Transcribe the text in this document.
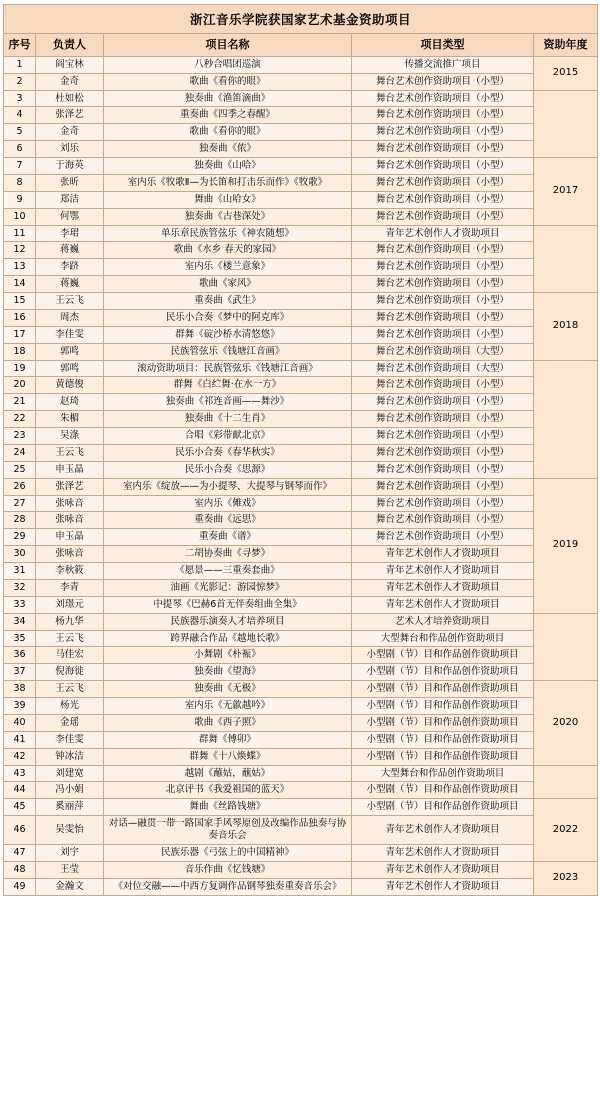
浙江音乐学院获国家艺术基金资助项目
序号	负责人	项目名称	项目类型	资助年度
1	阎宝林	八秒合唱团巡演	传播交流推广项目	2015
2	金奇	歌曲《看你的眼》	舞台艺术创作资助项目（小型）	
3	杜如松	独奏曲《渔笛滴曲》	舞台艺术创作资助项目（小型）	
4	张泽艺	重奏曲《四季之春醒》	舞台艺术创作资助项目（小型）	
5	金奇	歌曲《看你的眼》	舞台艺术创作资助项目（小型）	
6	刘乐	独奏曲《侬》	舞台艺术创作资助项目（小型）	
7	于海英	独奏曲《山哈》	舞台艺术创作资助项目（小型）	2017
8	张昕	室内乐《牧歌Ⅱ—为长笛和打击乐而作》《牧歌》	舞台艺术创作资助项目（小型）	
9	郑洁	舞曲《山哈女》	舞台艺术创作资助项目（小型）	
10	何鄂	独奏曲《古巷深处》	舞台艺术创作资助项目（小型）	
11	李珺	单乐章民族管弦乐《神农随想》	青年艺术创作人才资助项目	
12	蒋巍	歌曲《水乡 春天的家园》	舞台艺术创作资助项目（小型）	
13	李跻	室内乐《楼兰意象》	舞台艺术创作资助项目（小型）	
14	蒋巍	歌曲《家风》	舞台艺术创作资助项目（小型）	
15	王云飞	重奏曲《武生》	舞台艺术创作资助项目（小型）	2018
16	周杰	民乐小合奏《梦中的阿克库》	舞台艺术创作资助项目（小型）	
17	李佳雯	群舞《碇沙桥水清悠悠》	舞台艺术创作资助项目（小型）	
18	郭鸣	民族管弦乐《钱塘江音画》	舞台艺术创作资助项目（大型）	
19	郭鸣	滚动资助项目：民族管弦乐《钱塘江音画》	舞台艺术创作资助项目（大型）	
20	黄德俊	群舞《白纻舞·在水一方》	舞台艺术创作资助项目（小型）	
21	赵琦	独奏曲《祁连音画——舞沙》	舞台艺术创作资助项目（小型）	
22	朱楣	独奏曲《十二生肖》	舞台艺术创作资助项目（小型）	
23	吴涤	合唱《彩带献北京》	舞台艺术创作资助项目（小型）	
24	王云飞	民乐小合奏《春华秋实》	舞台艺术创作资助项目（小型）	
25	申玉晶	民乐小合奏《思源》	舞台艺术创作资助项目（小型）	
26	张泽艺	室内乐《绽放——为小提琴、大提琴与钢琴而作》	舞台艺术创作资助项目（小型）	2019
27	张咏音	室内乐《傩戏》	舞台艺术创作资助项目（小型）	
28	张咏音	重奏曲《远思》	舞台艺术创作资助项目（小型）	
29	申玉晶	重奏曲《谱》	舞台艺术创作资助项目（小型）	
30	张咏音	二胡协奏曲《寻梦》	青年艺术创作人才资助项目	
31	李秋筱	《愿景——三重奏套曲》	青年艺术创作人才资助项目	
32	李青	油画《光影记：游园惊梦》	青年艺术创作人才资助项目	
33	刘璟元	中提琴《巴赫6首无伴奏组曲全集》	青年艺术创作人才资助项目	
34	杨九华	民族器乐演奏人才培养项目	艺术人才培养资助项目	
35	王云飞	跨界融合作品《越地长歌》	大型舞台和作品创作资助项目	
36	马佳宏	小舞剧《朴裖》	小型剧（节）目和作品创作资助项目	
37	倪海徙	独奏曲《望海》	小型剧（节）目和作品创作资助项目	
38	王云飞	独奏曲《无极》	小型剧（节）目和作品创作资助项目	2020
39	杨光	室内乐《无歙越吟》	小型剧（节）目和作品创作资助项目	
40	金瑶	歌曲《西子照》	小型剧（节）目和作品创作资助项目	
41	李佳雯	群舞《傅卯》	小型剧（节）目和作品创作资助项目	
42	钟冰洁	群舞《十八焕蝶》	小型剧（节）目和作品创作资助项目	
43	刘建宽	越剧《蘸姑，蘸姑》	大型舞台和作品创作资助项目	
44	冯小娟	北京评书《我爱祖国的蓝天》	小型剧（节）目和作品创作资助项目	
45	奚丽萍	舞曲《丝路钱塘》	小型剧（节）目和作品创作资助项目	2022
46	吴雯怡	对话—融贯一带一路国家手风琴原创及改编作品独奏与协奏音乐会	青年艺术创作人才资助项目	
47	刘宇	民族乐器《弓弦上的中国精神》	青年艺术创作人才资助项目	
48	王莹	音乐作曲《忆钱塘》	青年艺术创作人才资助项目	2023
49	金瀚文	《对位交融——中西方复调作品钢琴独奏重奏音乐会》	青年艺术创作人才资助项目	
